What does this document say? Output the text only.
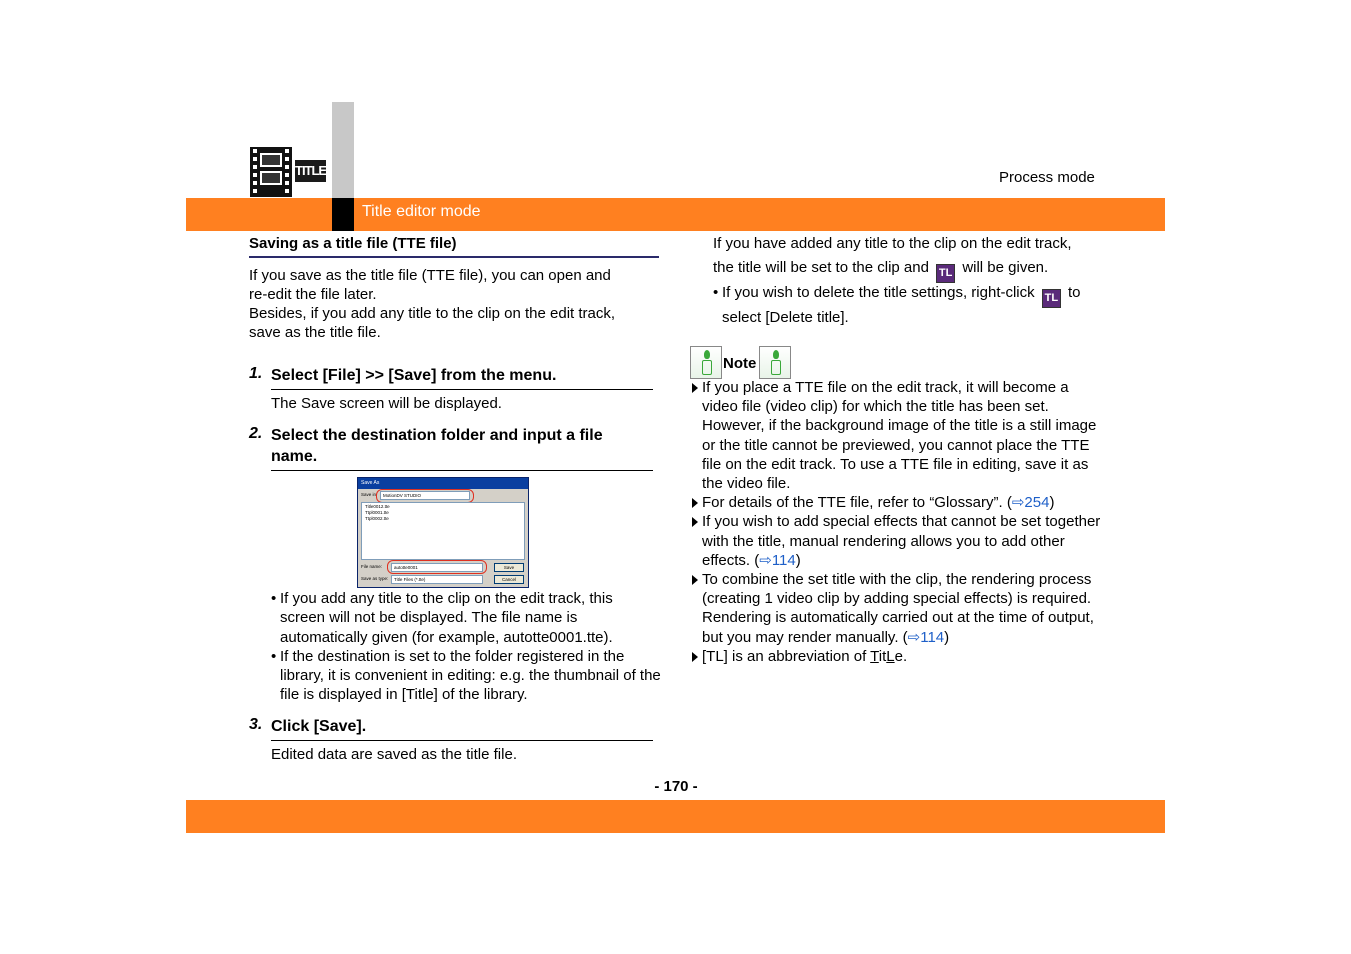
TITLE	Process mode
Title editor mode
Saving as a title file (TTE file)
If you save as the title file (TTE file), you can open and
re-edit the file later.
Besides, if you add any title to the clip on the edit track,
save as the title file.
1. Select [File] >> [Save] from the menu.
The Save screen will be displayed.
2. Select the destination folder and input a file name.
Save As
Save in:	MotionDV STUDIO
Title0012.tte
Ttpl0001.tte
Ttpl0002.tte
File name:	autotte0001
Save as type:	Title Files (*.tte)
Save
Cancel
• If you add any title to the clip on the edit track, this screen will not be displayed. The file name is automatically given (for example, autotte0001.tte).
• If the destination is set to the folder registered in the library, it is convenient in editing: e.g. the thumbnail of the file is displayed in [Title] of the library.
3. Click [Save].
Edited data are saved as the title file.
If you have added any title to the clip on the edit track,
the title will be set to the clip and TL will be given.
• If you wish to delete the title settings, right-click TL to
select [Delete title].
Note
If you place a TTE file on the edit track, it will become a video file (video clip) for which the title has been set. However, if the background image of the title is a still image or the title cannot be previewed, you cannot place the TTE file on the edit track. To use a TTE file in editing, save it as the video file.
For details of the TTE file, refer to “Glossary”. (⇨254)
If you wish to add special effects that cannot be set together with the title, manual rendering allows you to add other effects. (⇨114)
To combine the set title with the clip, the rendering process (creating 1 video clip by adding special effects) is required. Rendering is automatically carried out at the time of output, but you may render manually. (⇨114)
[TL] is an abbreviation of TitLe.
- 170 -
